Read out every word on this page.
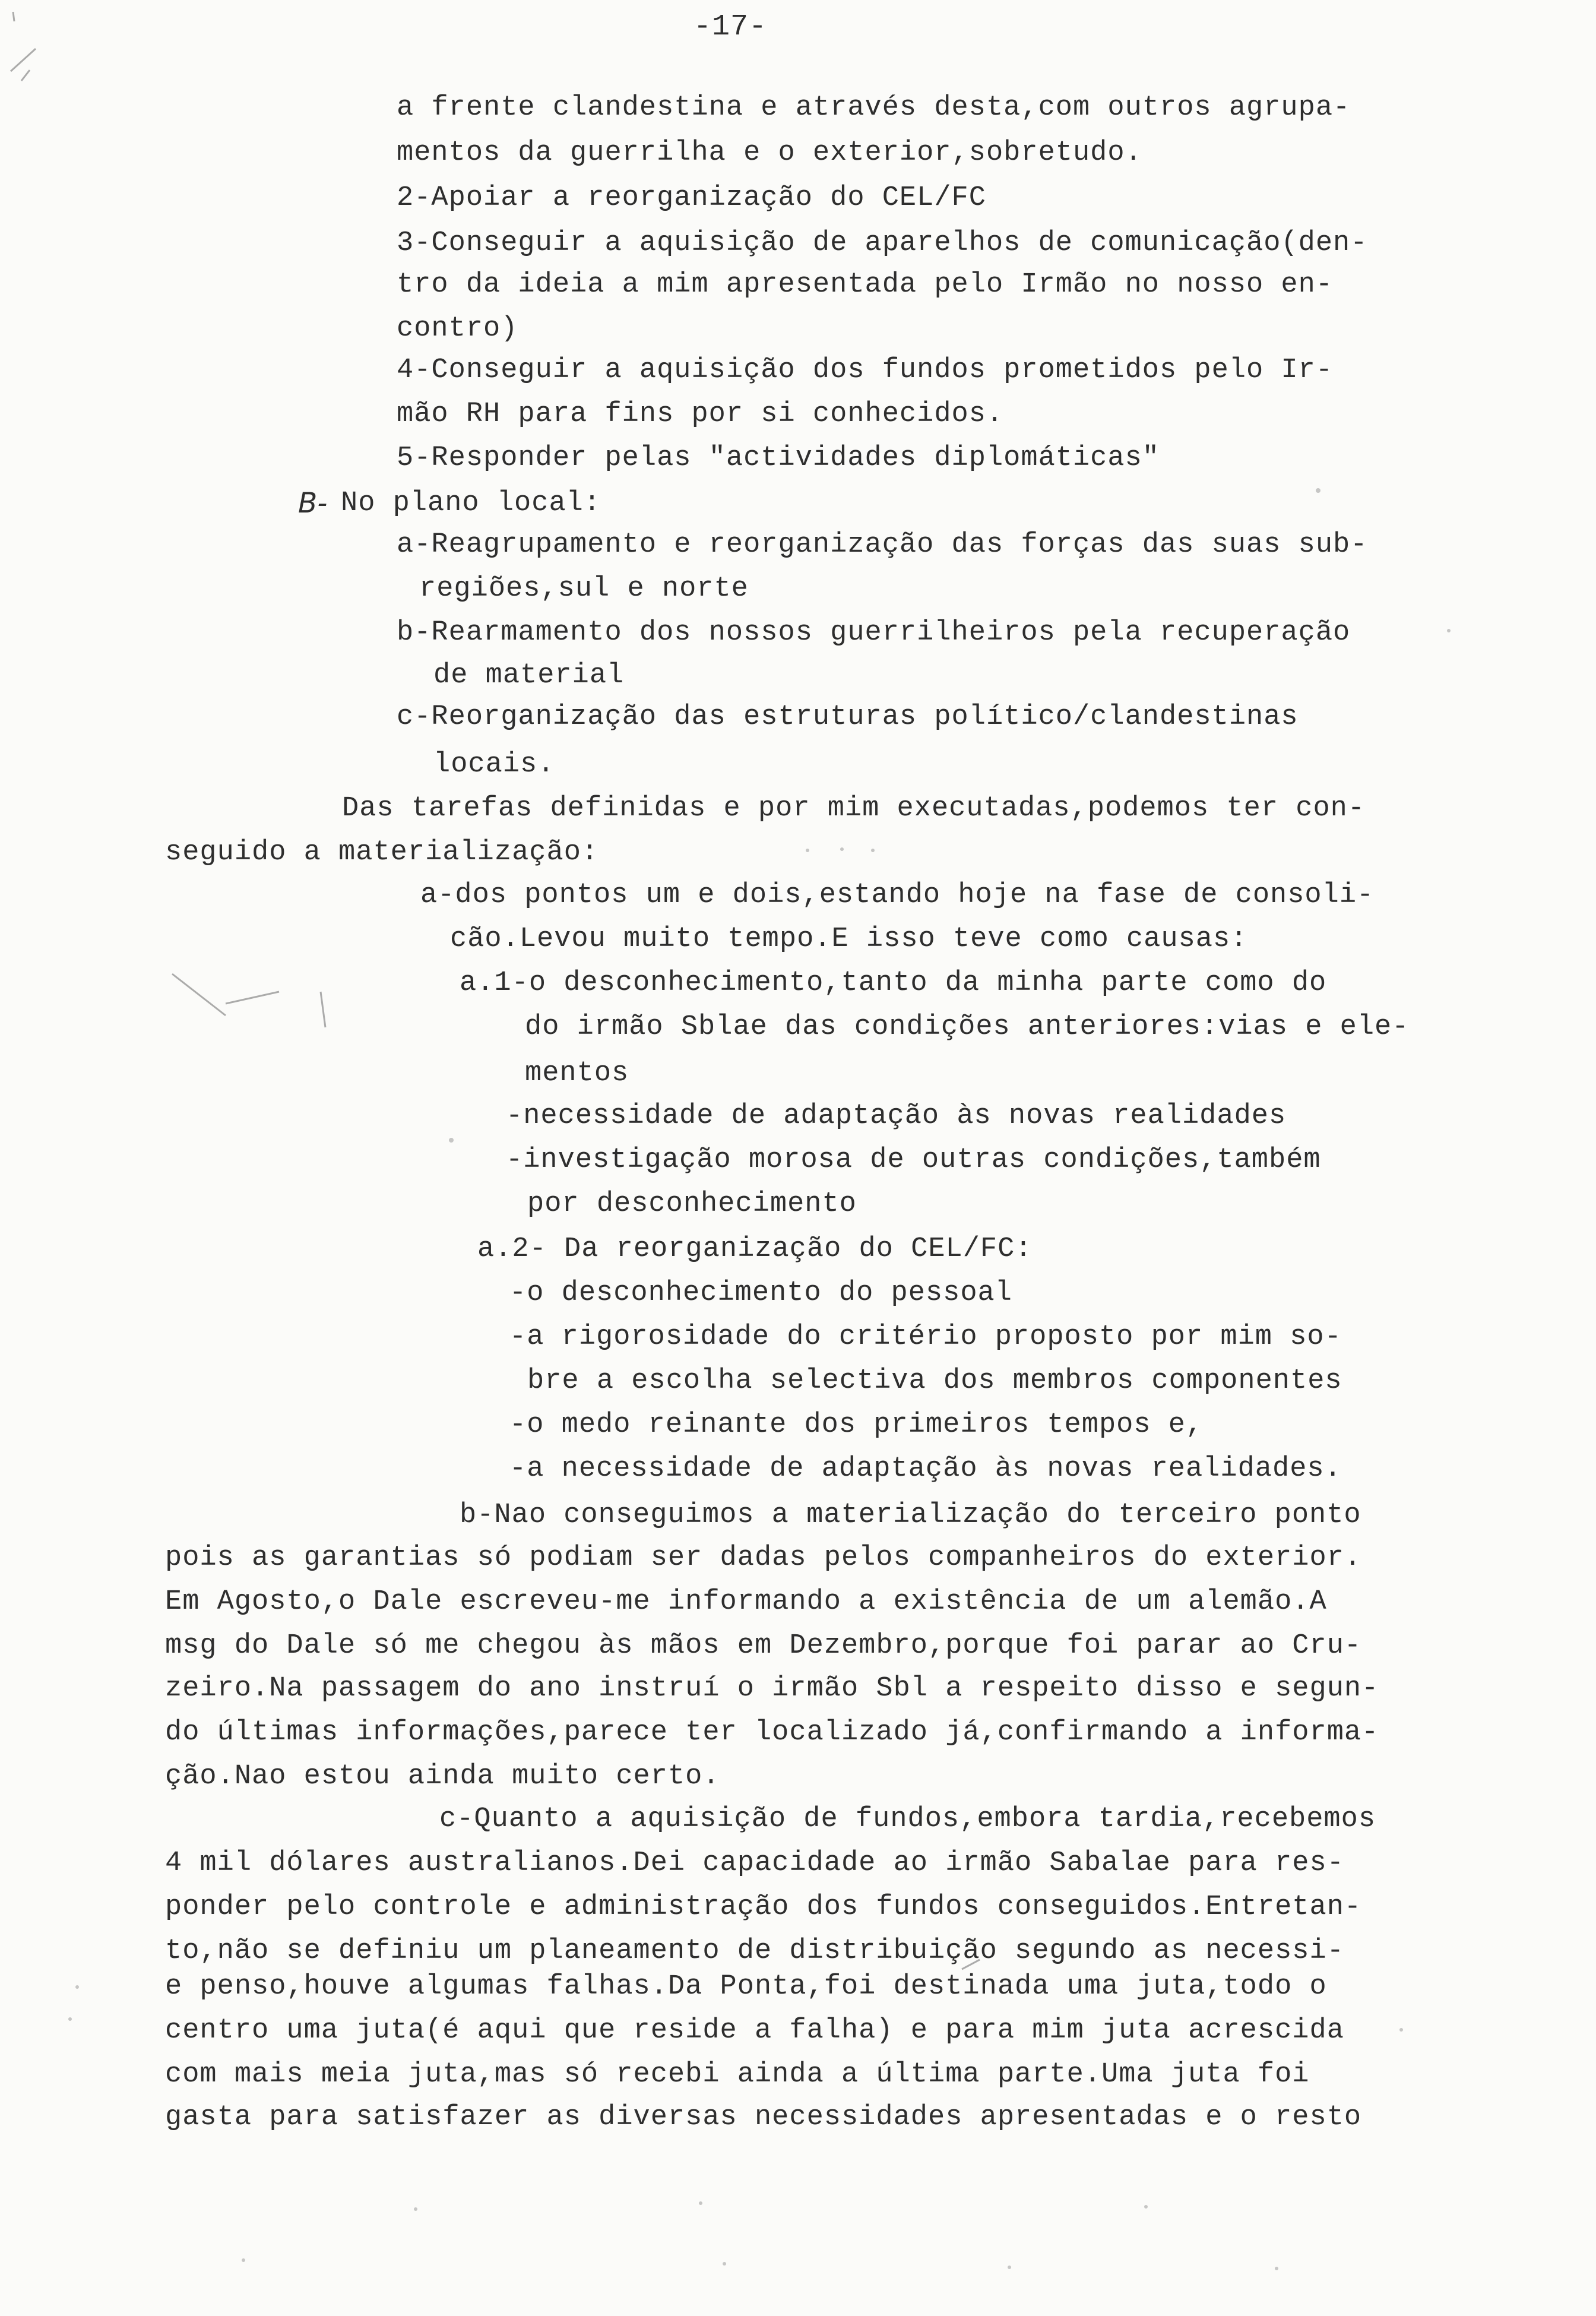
-17-
a frente clandestina e através desta,com outros agrupa-
mentos da guerrilha e o exterior,sobretudo.
2-Apoiar a reorganização do CEL/FC
3-Conseguir a aquisição de aparelhos de comunicação(den-
tro da ideia a mim apresentada pelo Irmão no nosso en-
contro)
4-Conseguir a aquisição dos fundos prometidos pelo Ir-
mão RH para fins por si conhecidos.
5-Responder pelas "actividades diplomáticas"
B- No plano local:
a-Reagrupamento e reorganização das forças das suas sub-
regiões,sul e norte
b-Rearmamento dos nossos guerrilheiros pela recuperação
de material
c-Reorganização das estruturas político/clandestinas
locais.
Das tarefas definidas e por mim executadas,podemos ter con-
seguido a materialização:
a-dos pontos um e dois,estando hoje na fase de consoli-
cão.Levou muito tempo.E isso teve como causas:
a.1-o desconhecimento,tanto da minha parte como do
do irmão Sblae das condições anteriores:vias e ele-
mentos
-necessidade de adaptação às novas realidades
-investigação morosa de outras condições,também
por desconhecimento
a.2- Da reorganização do CEL/FC:
-o desconhecimento do pessoal
-a rigorosidade do critério proposto por mim so-
bre a escolha selectiva dos membros componentes
-o medo reinante dos primeiros tempos e,
-a necessidade de adaptação às novas realidades.
b-Nao conseguimos a materialização do terceiro ponto
pois as garantias só podiam ser dadas pelos companheiros do exterior.
Em Agosto,o Dale escreveu-me informando a existência de um alemão.A
msg do Dale só me chegou às mãos em Dezembro,porque foi parar ao Cru-
zeiro.Na passagem do ano instruí o irmão Sbl a respeito disso e segun-
do últimas informações,parece ter localizado já,confirmando a informa-
ção.Nao estou ainda muito certo.
c-Quanto a aquisição de fundos,embora tardia,recebemos
4 mil dólares australianos.Dei capacidade ao irmão Sabalae para res-
ponder pelo controle e administração dos fundos conseguidos.Entretan-
to,não se definiu um planeamento de distribuição segundo as necessi-
e penso,houve algumas falhas.Da Ponta,foi destinada uma juta,todo o
centro uma juta(é aqui que reside a falha) e para mim juta acrescida
com mais meia juta,mas só recebi ainda a última parte.Uma juta foi
gasta para satisfazer as diversas necessidades apresentadas e o resto
